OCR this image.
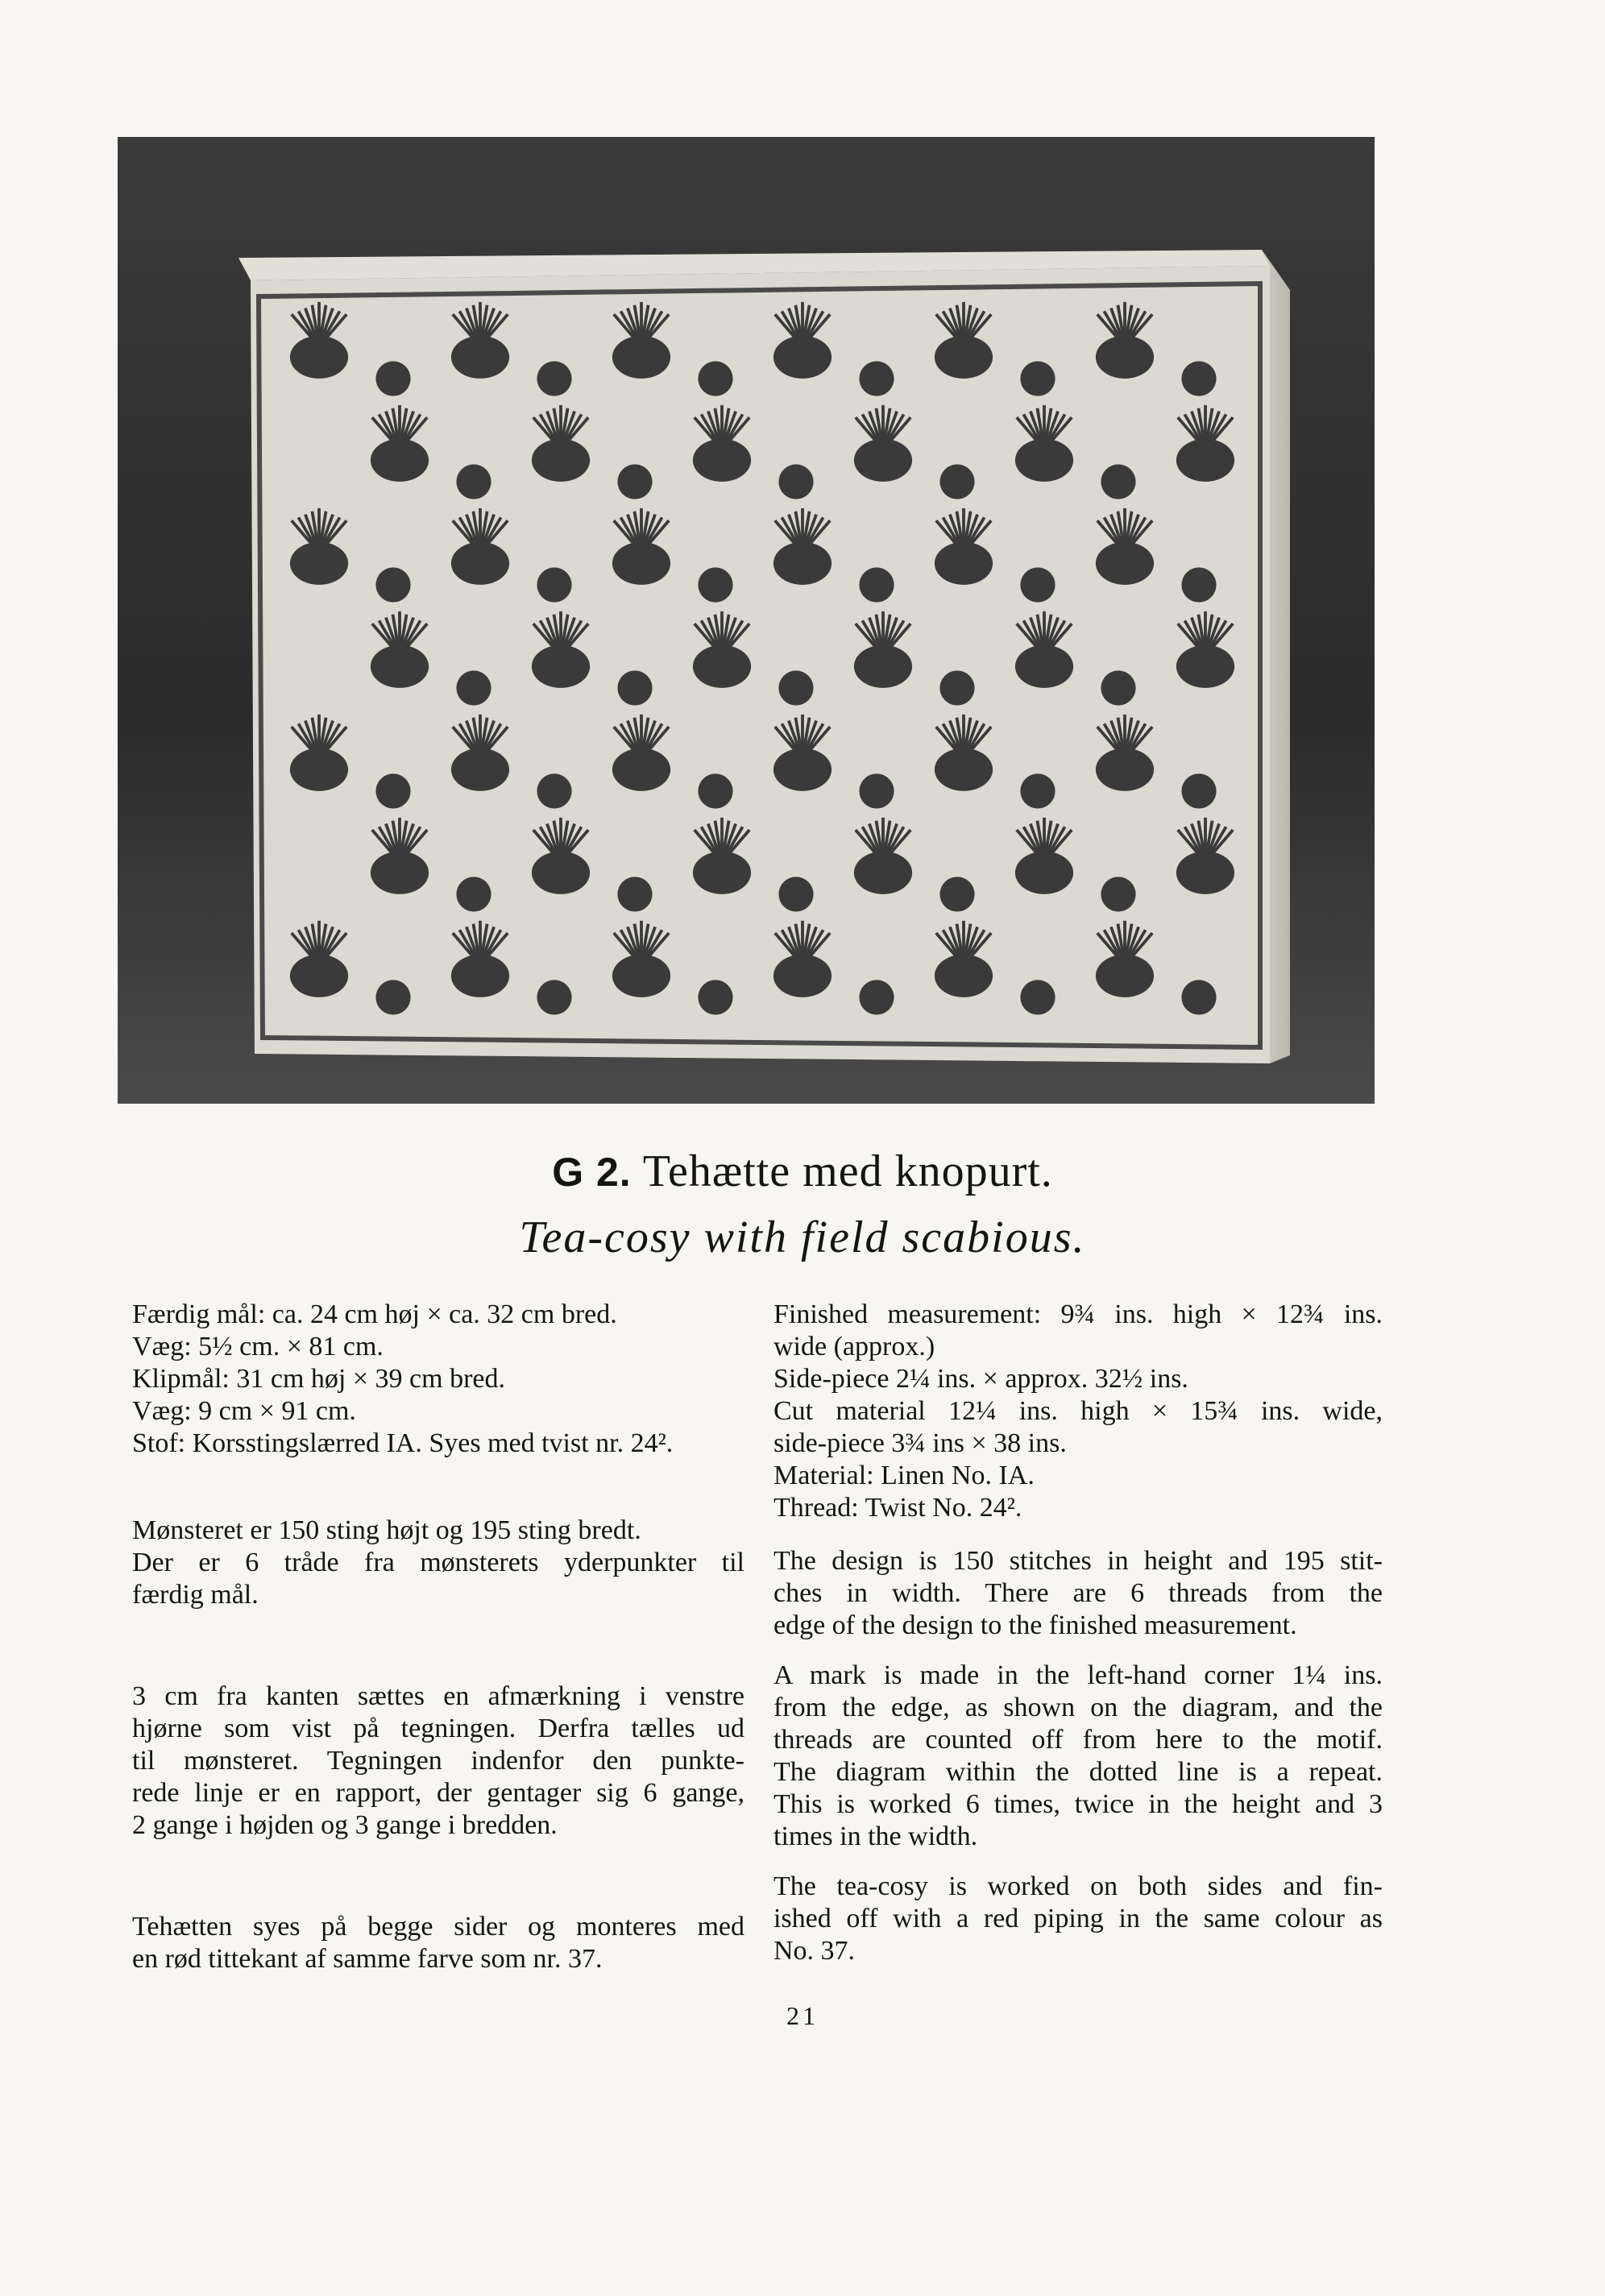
G 2. Tehætte med knopurt.
Tea-cosy with field scabious.
Færdig mål: ca. 24 cm høj × ca. 32 cm bred.
Væg: 5½ cm. × 81 cm.
Klipmål: 31 cm høj × 39 cm bred.
Væg: 9 cm × 91 cm.
Stof: Korsstingslærred IA. Syes med tvist nr. 24².
Mønsteret er 150 sting højt og 195 sting bredt.
Der er 6 tråde fra mønsterets yderpunkter til
færdig mål.
3 cm fra kanten sættes en afmærkning i venstre
hjørne som vist på tegningen. Derfra tælles ud
til mønsteret. Tegningen indenfor den punkte-
rede linje er en rapport, der gentager sig 6 gange,
2 gange i højden og 3 gange i bredden.
Tehætten syes på begge sider og monteres med
en rød tittekant af samme farve som nr. 37.
Finished measurement: 9¾ ins. high × 12¾ ins.
wide (approx.)
Side-piece 2¼ ins. × approx. 32½ ins.
Cut material 12¼ ins. high × 15¾ ins. wide,
side-piece 3¾ ins × 38 ins.
Material: Linen No. IA.
Thread: Twist No. 24².
The design is 150 stitches in height and 195 stit-
ches in width. There are 6 threads from the
edge of the design to the finished measurement.
A mark is made in the left-hand corner 1¼ ins.
from the edge, as shown on the diagram, and the
threads are counted off from here to the motif.
The diagram within the dotted line is a repeat.
This is worked 6 times, twice in the height and 3
times in the width.
The tea-cosy is worked on both sides and fin-
ished off with a red piping in the same colour as
No. 37.
21
